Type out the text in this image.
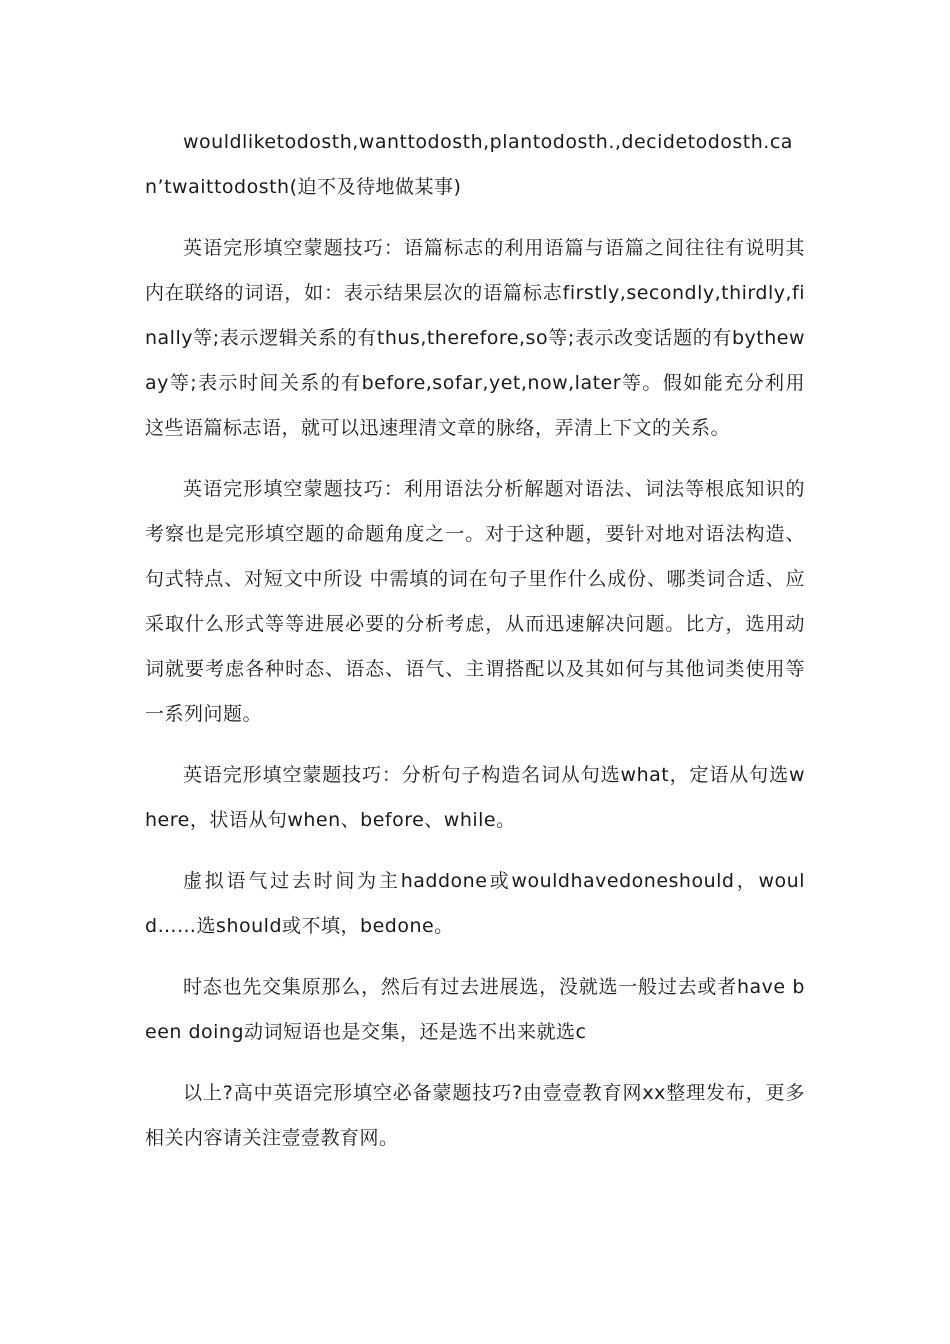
wouldliketodosth,wanttodosth,plantodosth.,decidetodosth.can’twaittodosth(迫不及待地做某事)

英语完形填空蒙题技巧：语篇标志的利用语篇与语篇之间往往有说明其内在联络的词语，如：表示结果层次的语篇标志firstly,secondly,thirdly,finally等;表示逻辑关系的有thus,therefore,so等;表示改变话题的有bytheway等;表示时间关系的有before,sofar,yet,now,later等。假如能充分利用这些语篇标志语，就可以迅速理清文章的脉络，弄清上下文的关系。

英语完形填空蒙题技巧：利用语法分析解题对语法、词法等根底知识的考察也是完形填空题的命题角度之一。对于这种题，要针对地对语法构造、句式特点、对短文中所设 中需填的词在句子里作什么成份、哪类词合适、应采取什么形式等等进展必要的分析考虑，从而迅速解决问题。比方，选用动词就要考虑各种时态、语态、语气、主谓搭配以及其如何与其他词类使用等一系列问题。

英语完形填空蒙题技巧：分析句子构造名词从句选what，定语从句选where，状语从句when、before、while。

虚拟语气过去时间为主haddone或wouldhavedoneshould，would……选should或不填，bedone。

时态也先交集原那么，然后有过去进展选，没就选一般过去或者have been doing动词短语也是交集，还是选不出来就选c

以上?高中英语完形填空必备蒙题技巧?由壹壹教育网xx整理发布，更多相关内容请关注壹壹教育网。
